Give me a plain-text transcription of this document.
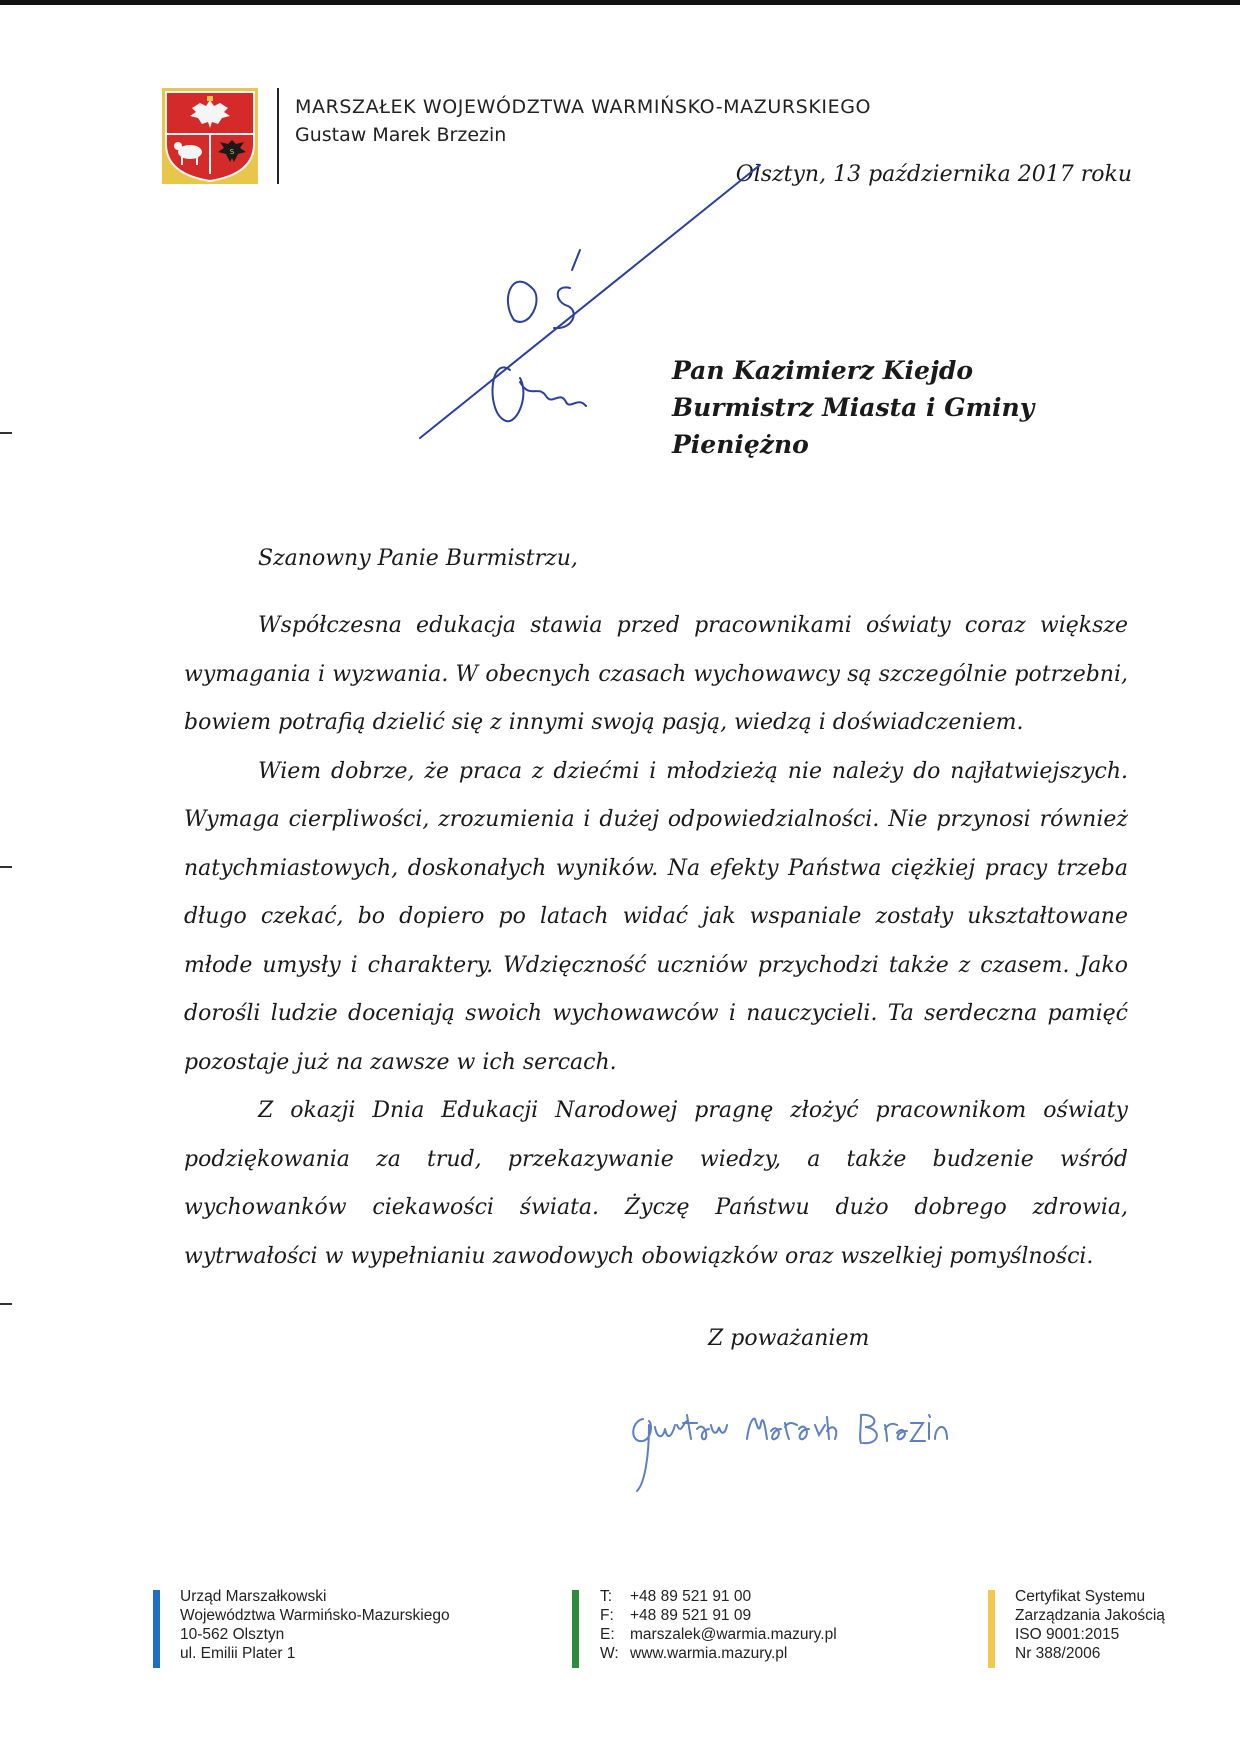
S
MARSZAŁEK WOJEWÓDZTWA WARMIŃSKO-MAZURSKIEGO
Gustaw Marek Brzezin
Olsztyn, 13 października 2017 roku
Pan Kazimierz Kiejdo
Burmistrz Miasta i Gminy
Pieniężno
Szanowny Panie Burmistrzu,

Współczesna edukacja stawia przed pracownikami oświaty coraz większe wymagania i wyzwania. W obecnych czasach wychowawcy są szczególnie potrzebni, bowiem potrafią dzielić się z innymi swoją pasją, wiedzą i doświadczeniem.

Wiem dobrze, że praca z dziećmi i młodzieżą nie należy do najłatwiejszych. Wymaga cierpliwości, zrozumienia i dużej odpowiedzialności. Nie przynosi również natychmiastowych, doskonałych wyników. Na efekty Państwa ciężkiej pracy trzeba długo czekać, bo dopiero po latach widać jak wspaniale zostały ukształtowane młode umysły i charaktery. Wdzięczność uczniów przychodzi także z czasem. Jako dorośli ludzie doceniają swoich wychowawców i nauczycieli. Ta serdeczna pamięć pozostaje już na zawsze w ich sercach.

Z okazji Dnia Edukacji Narodowej pragnę złożyć pracownikom oświaty podziękowania za trud, przekazywanie wiedzy, a także budzenie wśród wychowanków ciekawości świata. Życzę Państwu dużo dobrego zdrowia, wytrwałości w wypełnianiu zawodowych obowiązków oraz wszelkiej pomyślności.

Z poważaniem
Urząd Marszałkowski
Województwa Warmińsko-Mazurskiego
10-562 Olsztyn
ul. Emilii Plater 1
T: +48 89 521 91 00
F: +48 89 521 91 09
E: marszalek@warmia.mazury.pl
W: www.warmia.mazury.pl
Certyfikat Systemu
Zarządzania Jakością
ISO 9001:2015
Nr 388/2006
